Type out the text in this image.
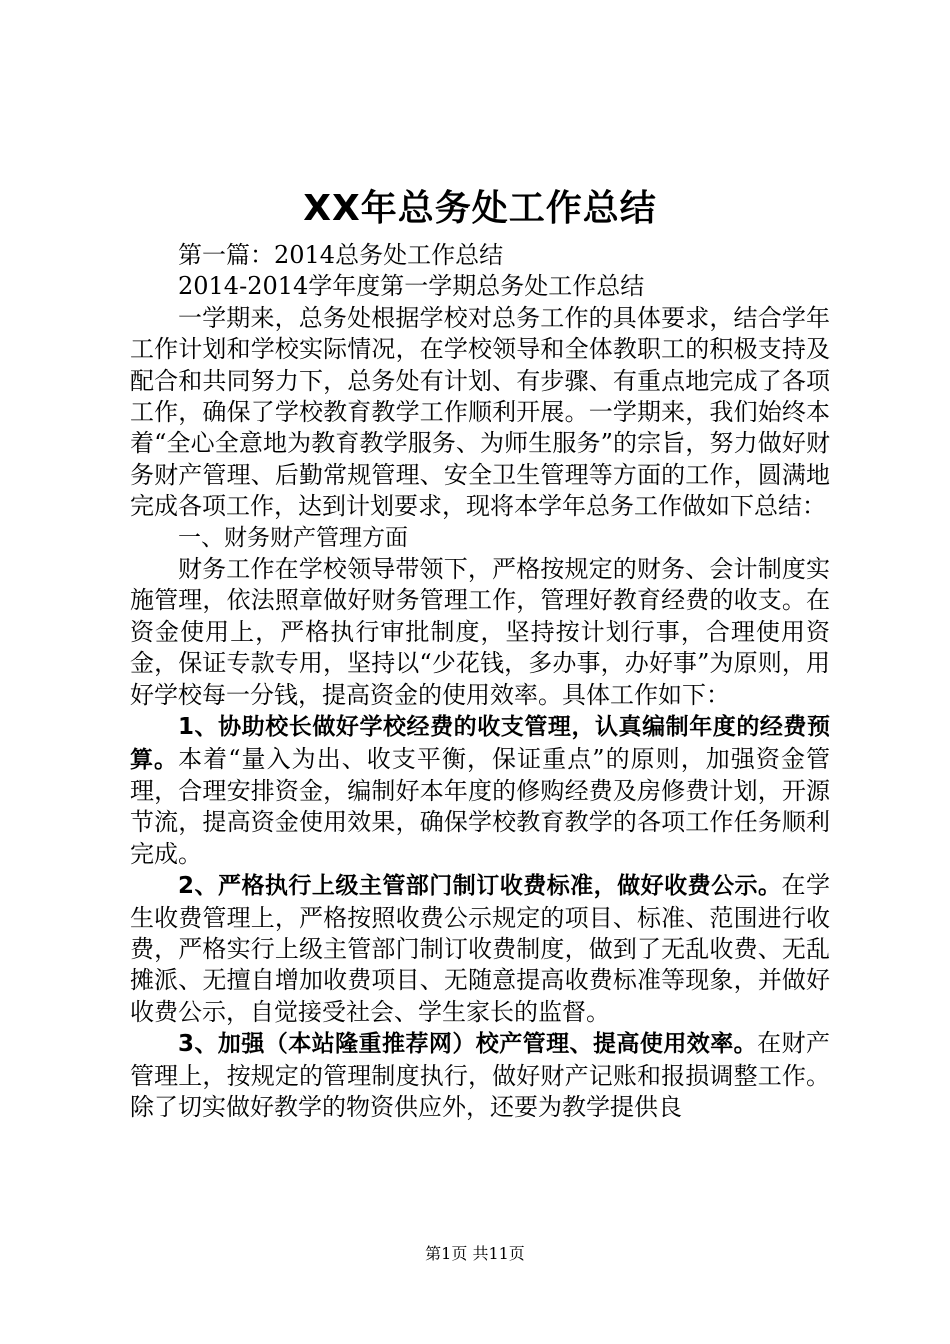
XX年总务处工作总结

第一篇：2014总务处工作总结

2014-2014学年度第一学期总务处工作总结

一学期来，总务处根据学校对总务工作的具体要求，结合学年工作计划和学校实际情况，在学校领导和全体教职工的积极支持及配合和共同努力下，总务处有计划、有步骤、有重点地完成了各项工作，确保了学校教育教学工作顺利开展。一学期来，我们始终本着“全心全意地为教育教学服务、为师生服务”的宗旨，努力做好财务财产管理、后勤常规管理、安全卫生管理等方面的工作，圆满地完成各项工作，达到计划要求，现将本学年总务工作做如下总结：

一、财务财产管理方面

财务工作在学校领导带领下，严格按规定的财务、会计制度实施管理，依法照章做好财务管理工作，管理好教育经费的收支。在资金使用上，严格执行审批制度，坚持按计划行事，合理使用资金，保证专款专用，坚持以“少花钱，多办事，办好事”为原则，用好学校每一分钱，提高资金的使用效率。具体工作如下：

1、协助校长做好学校经费的收支管理，认真编制年度的经费预算。本着“量入为出、收支平衡，保证重点”的原则，加强资金管理，合理安排资金，编制好本年度的修购经费及房修费计划，开源节流，提高资金使用效果，确保学校教育教学的各项工作任务顺利完成。

2、严格执行上级主管部门制订收费标准，做好收费公示。在学生收费管理上，严格按照收费公示规定的项目、标准、范围进行收费，严格实行上级主管部门制订收费制度，做到了无乱收费、无乱摊派、无擅自增加收费项目、无随意提高收费标准等现象，并做好收费公示，自觉接受社会、学生家长的监督。

3、加强（本站隆重推荐网）校产管理、提高使用效率。在财产管理上，按规定的管理制度执行，做好财产记账和报损调整工作。除了切实做好教学的物资供应外，还要为教学提供良

第1页 共11页
